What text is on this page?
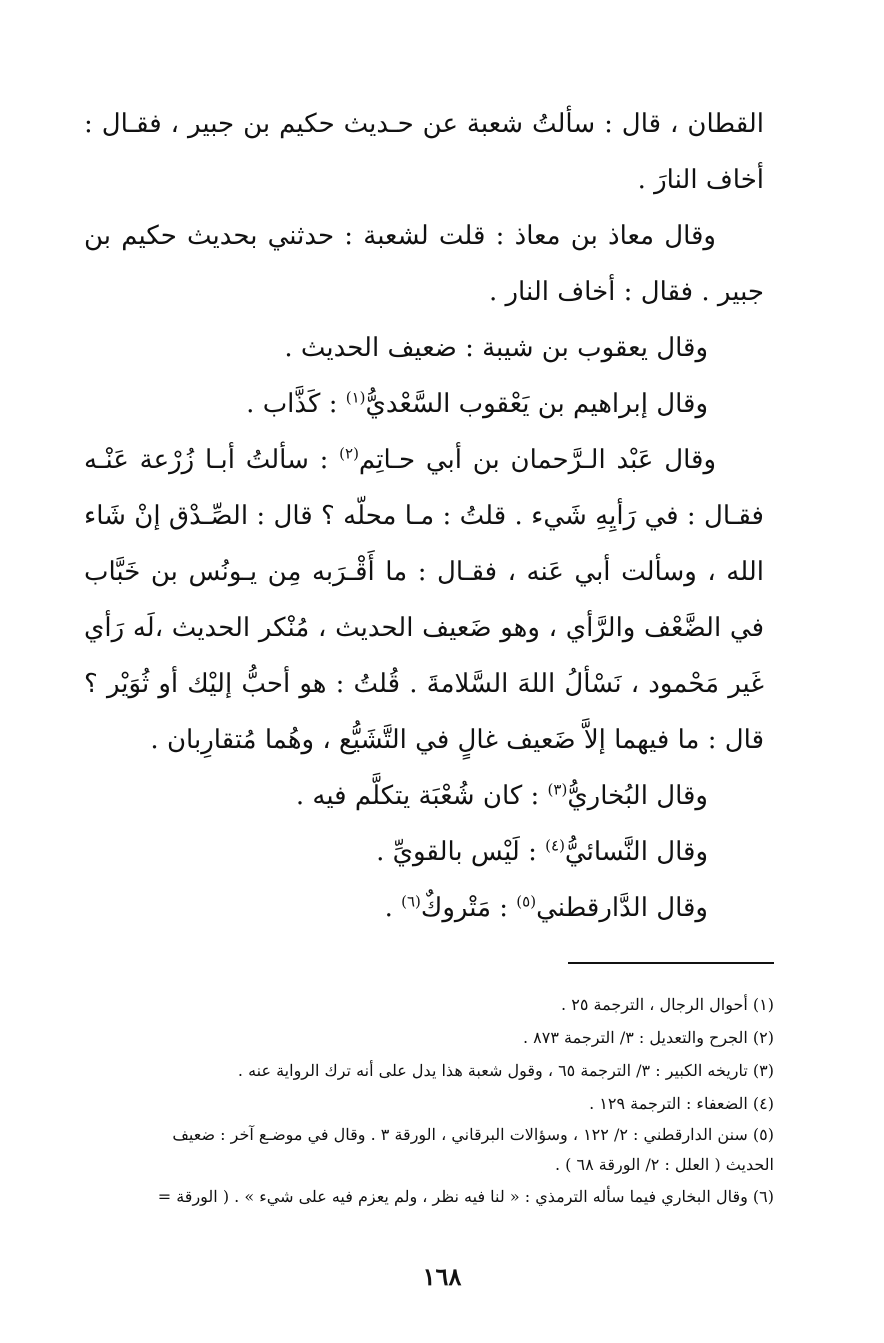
القطان ، قال : سألتُ شعبة عن حـديث حكيم بن جبير ، فقـال : أخاف النارَ .

وقال معاذ بن معاذ : قلت لشعبة : حدثني بحديث حكيم بن جبير . فقال : أخاف النار .

وقال يعقوب بن شيبة : ضعيف الحديث .

وقال إبراهيم بن يَعْقوب السَّعْديُّ$^{(١)}$ : كَذَّاب .

وقال عَبْد الـرَّحمان بن أبي حـاتِم$^{(٢)}$ : سألتُ أبـا زُرْعة عَنْـه فقـال : في رَأيِهِ شَيء . قلتُ : مـا محلّه ؟ قال : الصِّـدْق إنْ شَاء الله ، وسألت أبي عَنه ، فقـال : ما أَقْـرَبه مِن يـونُس بن خَبَّاب في الضَّعْف والرَّأي ، وهو ضَعيف الحديث ، مُنْكر الحديث ،لَه رَأي غَير مَحْمود ، نَسْألُ اللهَ السَّلامةَ . قُلتُ : هو أحبُّ إليْك أو ثُوَيْر ؟ قال : ما فيهما إلاَّ ضَعيف غالٍ في التَّشَيُّع ، وهُما مُتقارِبان .

وقال البُخاريُّ$^{(٣)}$ : كان شُعْبَة يتكلَّم فيه .

وقال النَّسائيُّ$^{(٤)}$ : لَيْس بالقويِّ .

وقال الدَّارقطني$^{(٥)}$ : مَتْروكٌ$^{(٦)}$ .

(١) أحوال الرجال ، الترجمة ٢٥ .

(٢) الجرح والتعديل : ٣/ الترجمة ٨٧٣ .

(٣) تاريخه الكبير : ٣/ الترجمة ٦٥ ، وقول شعبة هذا يدل على أنه ترك الرواية عنه .

(٤) الضعفاء : الترجمة ١٢٩ .

(٥) سنن الدارقطني : ٢/ ١٢٢ ، وسؤالات البرقاني ، الورقة ٣ . وقال في موضـع آخر : ضعيف الحديث ( العلل : ٢/ الورقة ٦٨ ) .

(٦) وقال البخاري فيما سأله الترمذي : « لنا فيه نظر ، ولم يعزم فيه على شيء » . ( الورقة =

١٦٨
